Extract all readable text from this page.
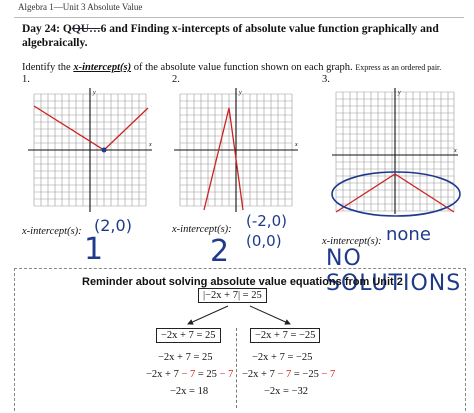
Algebra 1—Unit 3 Absolute Value
Day 24: QQU…6 and Finding x-intercepts of absolute value function graphically and algebraically.
Identify the x-intercept(s) of the absolute value function shown on each graph. Express as an ordered pair.
1.	2.	3.
x
y
x
y
x
y
x-intercept(s): (2,0)
1
x-intercept(s): (-2,0)
(0,0)
2	x-intercept(s): none
NO SOLUTIONS
Reminder about solving absolute value equations from Unit 2
|−2x + 7| = 25
−2x + 7 = 25
−2x + 7 = 25
−2x + 7 − 7 = 25 − 7
−2x = 18
−2x + 7 = −25
−2x + 7 = −25
−2x + 7 − 7 = −25 − 7
−2x = −32
